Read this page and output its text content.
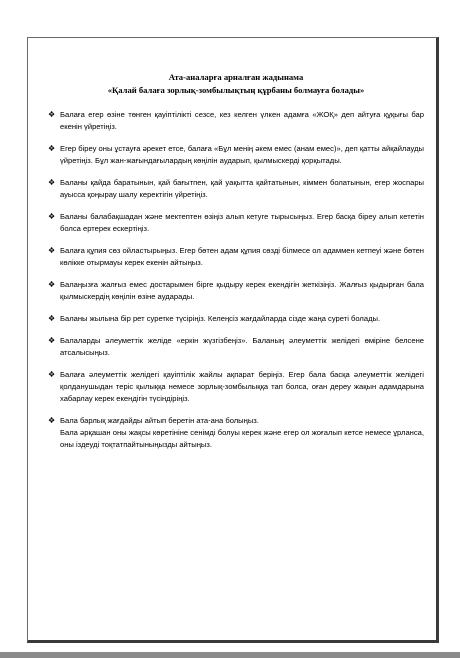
Ата-аналарға арналған жадынама
«Қалай балаға зорлық-зомбылықтың құрбаны болмауға болады»
❖ Балаға егер өзіне төнген қауіптілікті сезсе, кез келген үлкен адамға «ЖОҚ» деп айтуға құқығы бар екенін үйретіңіз.

❖ Егер біреу оны ұстауға әрекет етсе, балаға «Бұл менің әкем емес (анам емес)», деп қатты айқайлауды үйретіңіз. Бұл жан-жағындағылардың көңілін аударып, қылмыскерді қорқытады.

❖ Баланы қайда баратынын, қай бағытпен, қай уақытта қайтатынын, кіммен болатынын, егер жоспары ауысса қоңырау шалу керектігін үйретіңіз.

❖ Баланы балабақшадан және мектептен өзіңіз алып кетуге тырысыңыз. Егер басқа біреу алып кететін болса ертерек ескертіңіз.

❖ Балаға құпия сөз ойластырыңыз. Егер бөтен адам құпия сөзді білмесе ол адаммен кетпеуі және бөтен көлікке отырмауы керек екенін айтыңыз.

❖ Балаңызға жалғыз емес достарымен бірге қыдыру керек екендігін жеткізіңіз. Жалғыз қыдырған бала қылмыскердің көңілін өзіне аударады.

❖ Баланы жылына бір рет суретке түсіріңіз. Келеңсіз жағдайларда сізде жаңа суреті болады.

❖ Балаларды әлеуметтік желіде «еркін жүзгізбеңіз». Баланың әлеуметтік желідегі өміріне белсене атсалысыңыз.

❖ Балаға әлеуметтік желідегі қауіптілік жайлы ақпарат беріңіз. Егер бала басқа әлеуметтік желідегі қолданушыдан теріс қылыққа немесе зорлық-зомбылыққа тап болса, оған дереу жақын адамдарына хабарлау керек екендігін түсіндіріңіз.

❖ Бала барлық жағдайды айтып беретін ата-ана болыңыз.

Бала әрқашан оны жақсы көретініне сенімді болуы керек және егер ол жоғалып кетсе немесе ұрланса, оны іздеуді тоқтатпайтыныңызды айтыңыз.
